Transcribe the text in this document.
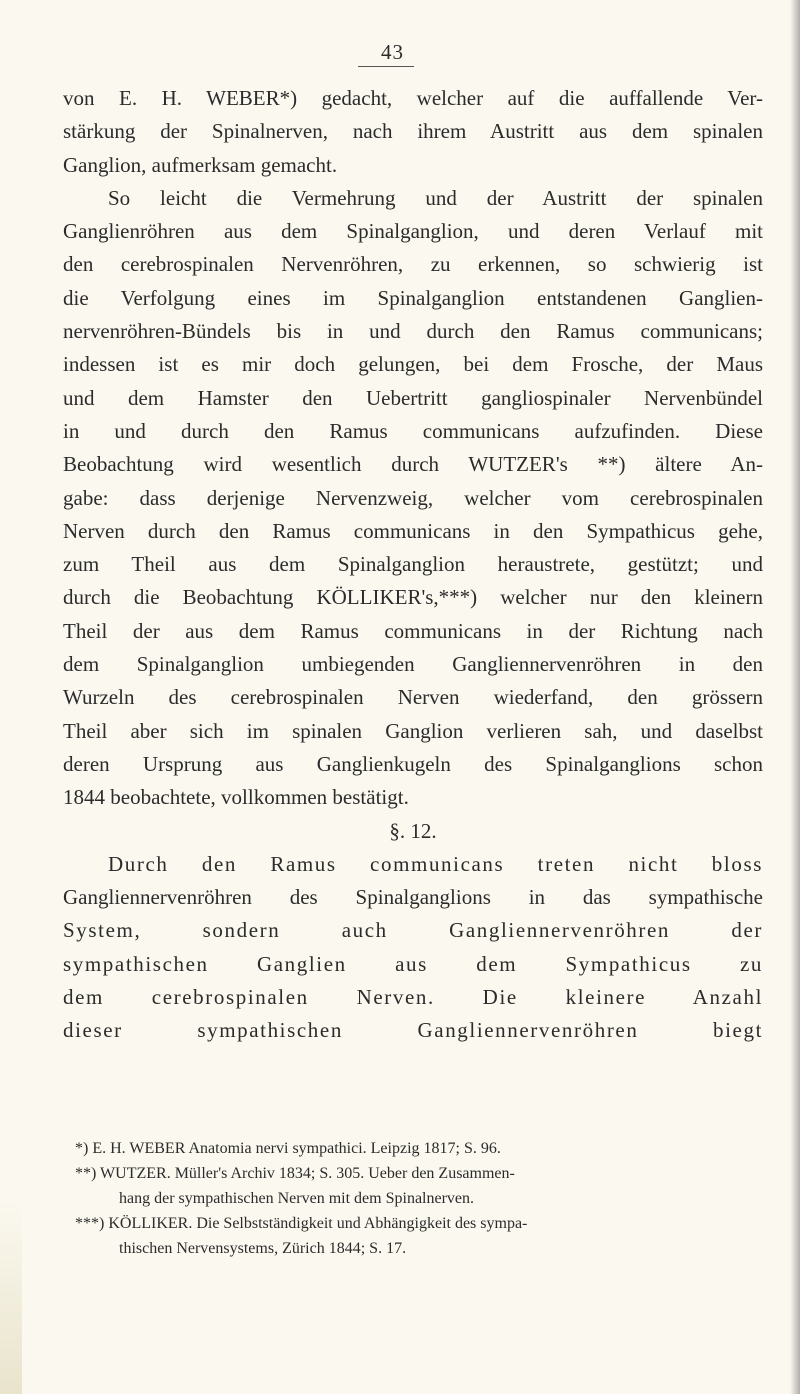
43
von E. H. WEBER*) gedacht, welcher auf die auffallende Ver-
stärkung der Spinalnerven, nach ihrem Austritt aus dem spinalen
Ganglion, aufmerksam gemacht.
So leicht die Vermehrung und der Austritt der spinalen
Ganglienröhren aus dem Spinalganglion, und deren Verlauf mit
den cerebrospinalen Nervenröhren, zu erkennen, so schwierig ist
die Verfolgung eines im Spinalganglion entstandenen Ganglien-
nervenröhren-Bündels bis in und durch den Ramus communicans;
indessen ist es mir doch gelungen, bei dem Frosche, der Maus
und dem Hamster den Uebertritt gangliospinaler Nervenbündel
in und durch den Ramus communicans aufzufinden. Diese
Beobachtung wird wesentlich durch WUTZER's **) ältere An-
gabe: dass derjenige Nervenzweig, welcher vom cerebrospinalen
Nerven durch den Ramus communicans in den Sympathicus gehe,
zum Theil aus dem Spinalganglion heraustrete, gestützt; und
durch die Beobachtung KÖLLIKER's,***) welcher nur den kleinern
Theil der aus dem Ramus communicans in der Richtung nach
dem Spinalganglion umbiegenden Gangliennervenröhren in den
Wurzeln des cerebrospinalen Nerven wiederfand, den grössern
Theil aber sich im spinalen Ganglion verlieren sah, und daselbst
deren Ursprung aus Ganglienkugeln des Spinalganglions schon
1844 beobachtete, vollkommen bestätigt.
§. 12.
Durch den Ramus communicans treten nicht bloss
Gangliennervenröhren des Spinalganglions in das sympathische
System, sondern auch Gangliennervenröhren der
sympathischen Ganglien aus dem Sympathicus zu
dem cerebrospinalen Nerven. Die kleinere Anzahl
dieser sympathischen Gangliennervenröhren biegt
*) E. H. WEBER Anatomia nervi sympathici. Leipzig 1817; S. 96.
**) WUTZER. Müller's Archiv 1834; S. 305. Ueber den Zusammen-
hang der sympathischen Nerven mit dem Spinalnerven.
***) KÖLLIKER. Die Selbstständigkeit und Abhängigkeit des sympa-
thischen Nervensystems, Zürich 1844; S. 17.
